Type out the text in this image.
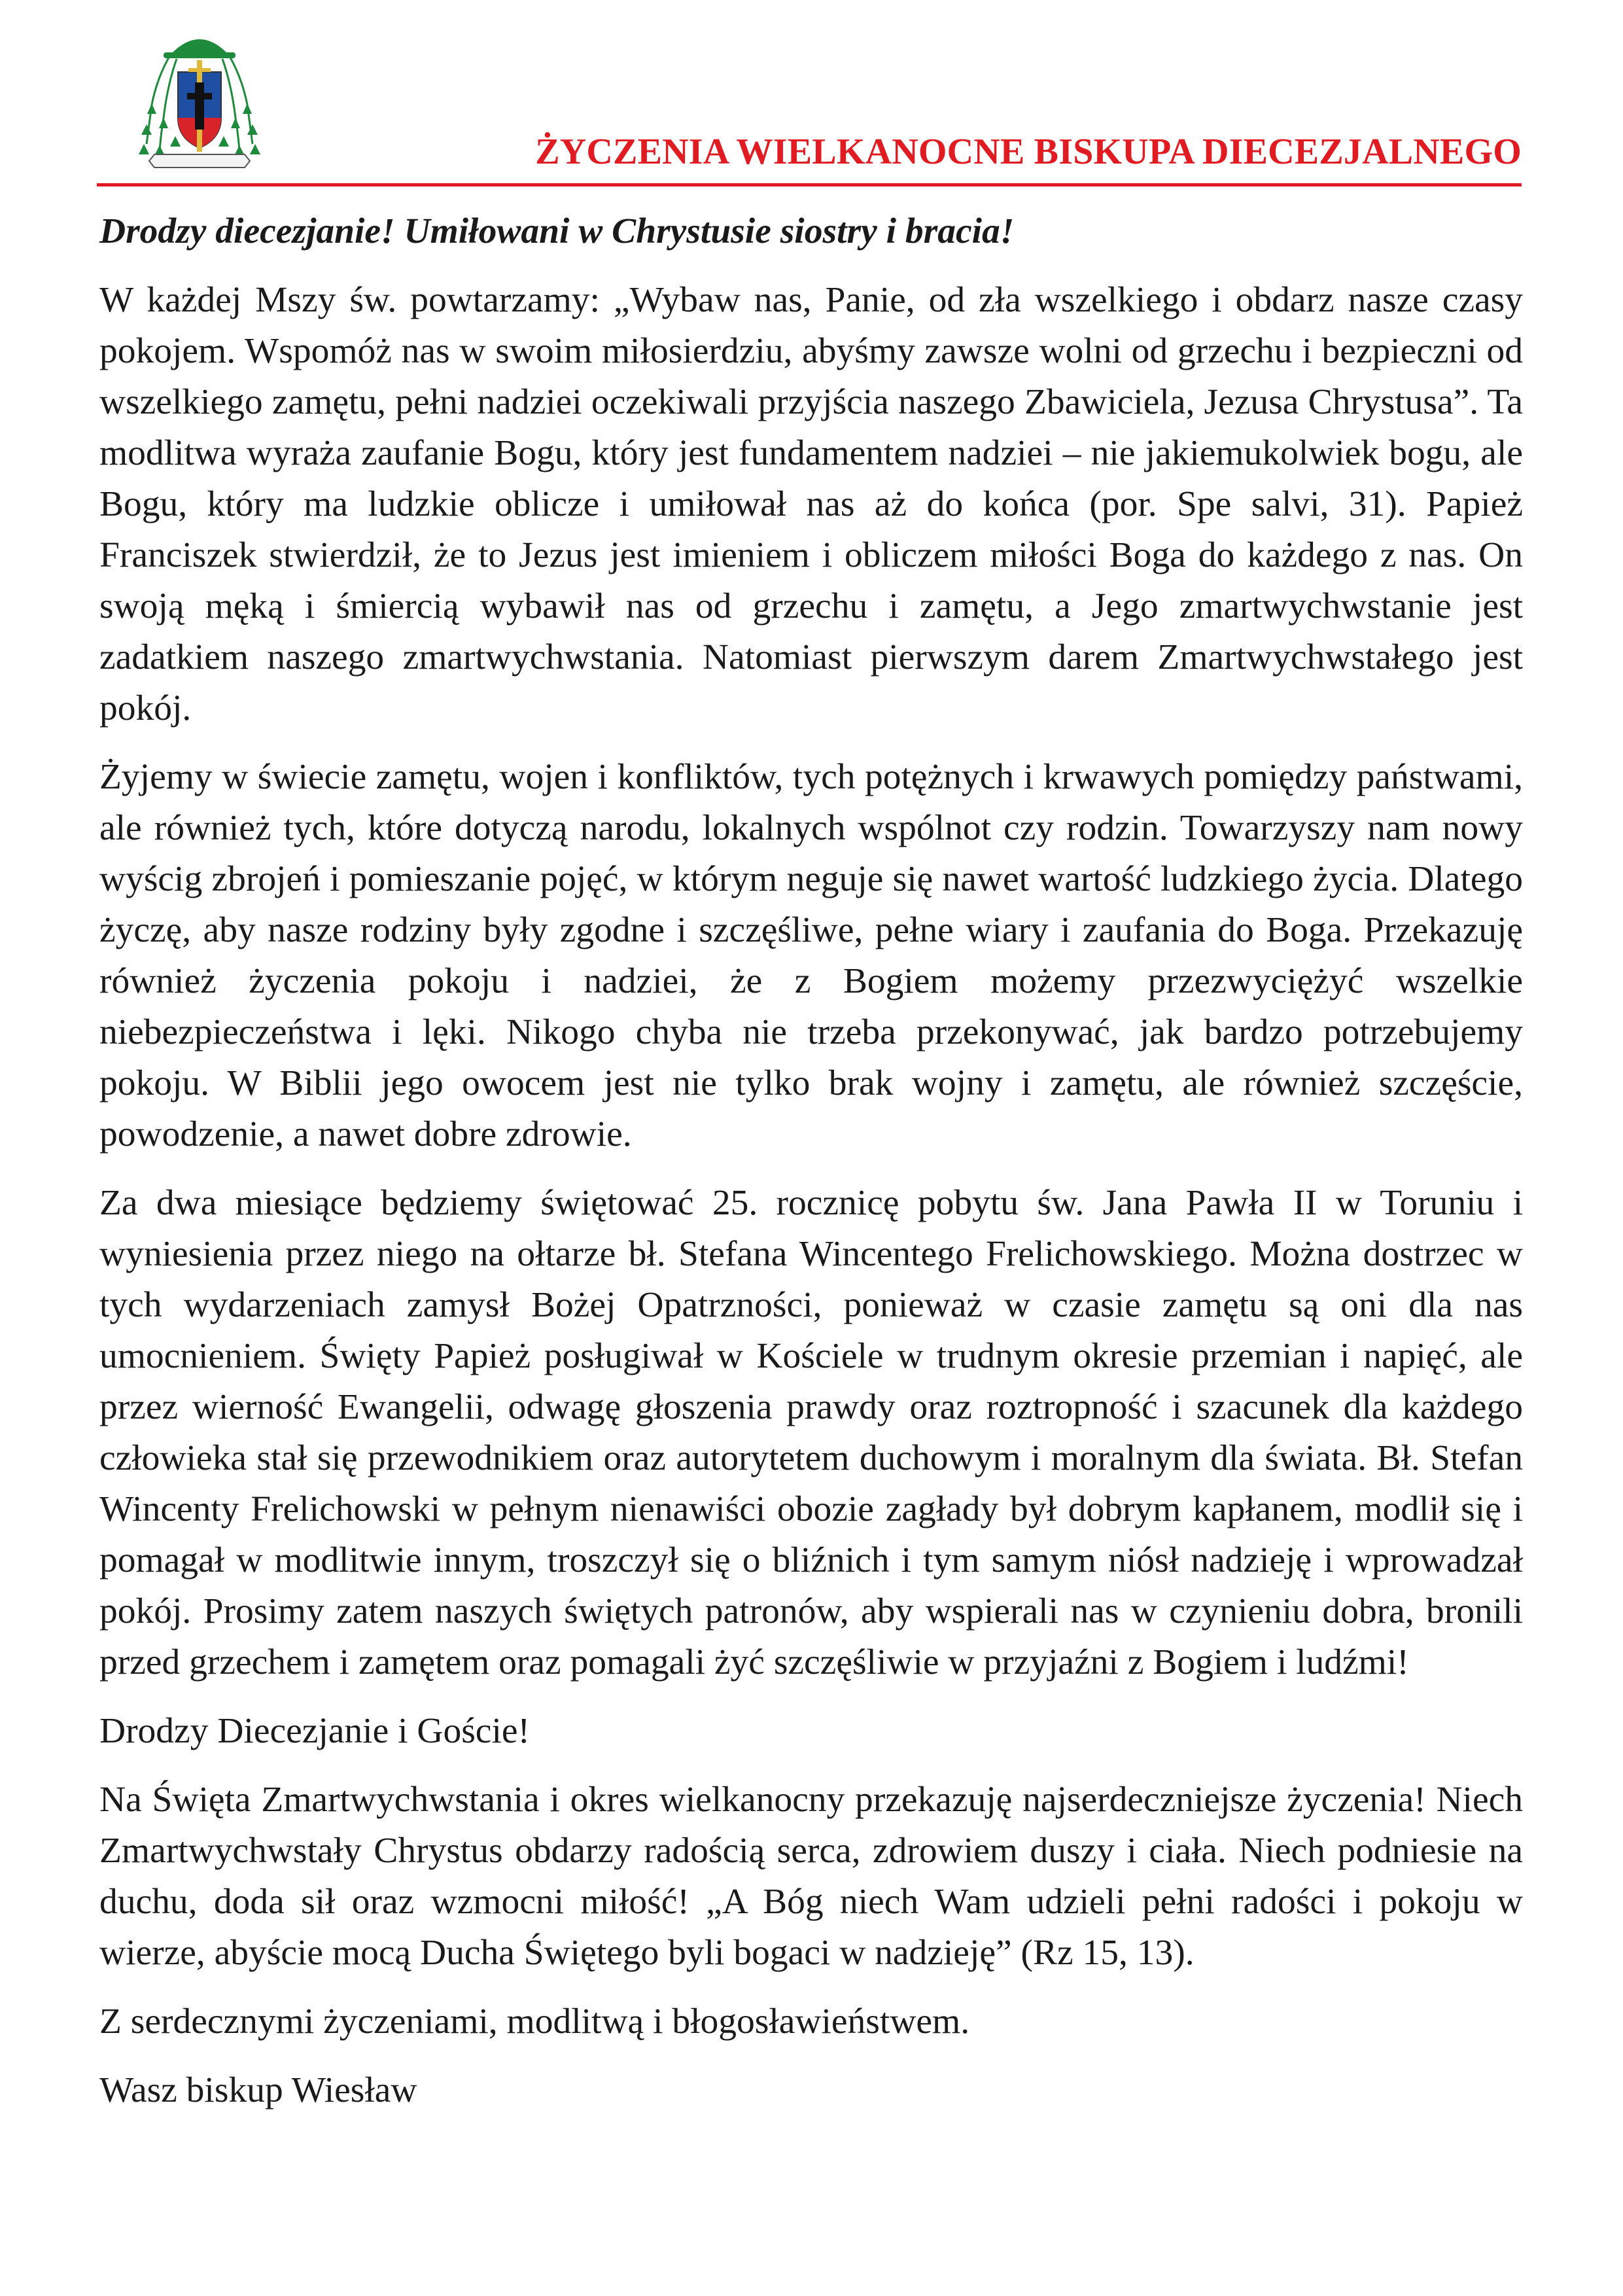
ŻYCZENIA WIELKANOCNE BISKUPA DIECEZJALNEGO

Drodzy diecezjanie! Umiłowani w Chrystusie siostry i bracia!

W każdej Mszy św. powtarzamy: „Wybaw nas, Panie, od zła wszelkiego i obdarz nasze czasy pokojem. Wspomóż nas w swoim miłosierdziu, abyśmy zawsze wolni od grzechu i bezpieczni od wszelkiego zamętu, pełni nadziei oczekiwali przyjścia naszego Zbawiciela, Jezusa Chrystusa”. Ta modlitwa wyraża zaufanie Bogu, który jest fundamentem nadziei – nie jakiemukolwiek bogu, ale Bogu, który ma ludzkie oblicze i umiłował nas aż do końca (por. Spe salvi, 31). Papież Franciszek stwierdził, że to Jezus jest imieniem i obliczem miłości Boga do każdego z nas. On swoją męką i śmiercią wybawił nas od grzechu i zamętu, a Jego zmartwychwstanie jest zadatkiem naszego zmartwychwstania. Natomiast pierwszym darem Zmartwychwstałego jest pokój.

Żyjemy w świecie zamętu, wojen i konfliktów, tych potężnych i krwawych pomiędzy państwami, ale również tych, które dotyczą narodu, lokalnych wspólnot czy rodzin. Towarzyszy nam nowy wyścig zbrojeń i pomieszanie pojęć, w którym neguje się nawet wartość ludzkiego życia. Dlatego życzę, aby nasze rodziny były zgodne i szczęśliwe, pełne wiary i zaufania do Boga. Przekazuję również życzenia pokoju i nadziei, że z Bogiem możemy przezwyciężyć wszelkie niebezpieczeństwa i lęki. Nikogo chyba nie trzeba przekonywać, jak bardzo potrzebujemy pokoju. W Biblii jego owocem jest nie tylko brak wojny i zamętu, ale również szczęście, powodzenie, a nawet dobre zdrowie.

Za dwa miesiące będziemy świętować 25. rocznicę pobytu św. Jana Pawła II w Toruniu i wyniesienia przez niego na ołtarze bł. Stefana Wincentego Frelichowskiego. Można dostrzec w tych wydarzeniach zamysł Bożej Opatrzności, ponieważ w czasie zamętu są oni dla nas umocnieniem. Święty Papież posługiwał w Kościele w trudnym okresie przemian i napięć, ale przez wierność Ewangelii, odwagę głoszenia prawdy oraz roztropność i szacunek dla każdego człowieka stał się przewodnikiem oraz autorytetem duchowym i moralnym dla świata. Bł. Stefan Wincenty Frelichowski w pełnym nienawiści obozie zagłady był dobrym kapłanem, modlił się i pomagał w modlitwie innym, troszczył się o bliźnich i tym samym niósł nadzieję i wprowadzał pokój. Prosimy zatem naszych świętych patronów, aby wspierali nas w czynieniu dobra, bronili przed grzechem i zamętem oraz pomagali żyć szczęśliwie w przyjaźni z Bogiem i ludźmi!

Drodzy Diecezjanie i Goście!

Na Święta Zmartwychwstania i okres wielkanocny przekazuję najserdeczniejsze życzenia! Niech Zmartwychwstały Chrystus obdarzy radością serca, zdrowiem duszy i ciała. Niech podniesie na duchu, doda sił oraz wzmocni miłość! „A Bóg niech Wam udzieli pełni radości i pokoju w wierze, abyście mocą Ducha Świętego byli bogaci w nadzieję” (Rz 15, 13).

Z serdecznymi życzeniami, modlitwą i błogosławieństwem.

Wasz biskup Wiesław
